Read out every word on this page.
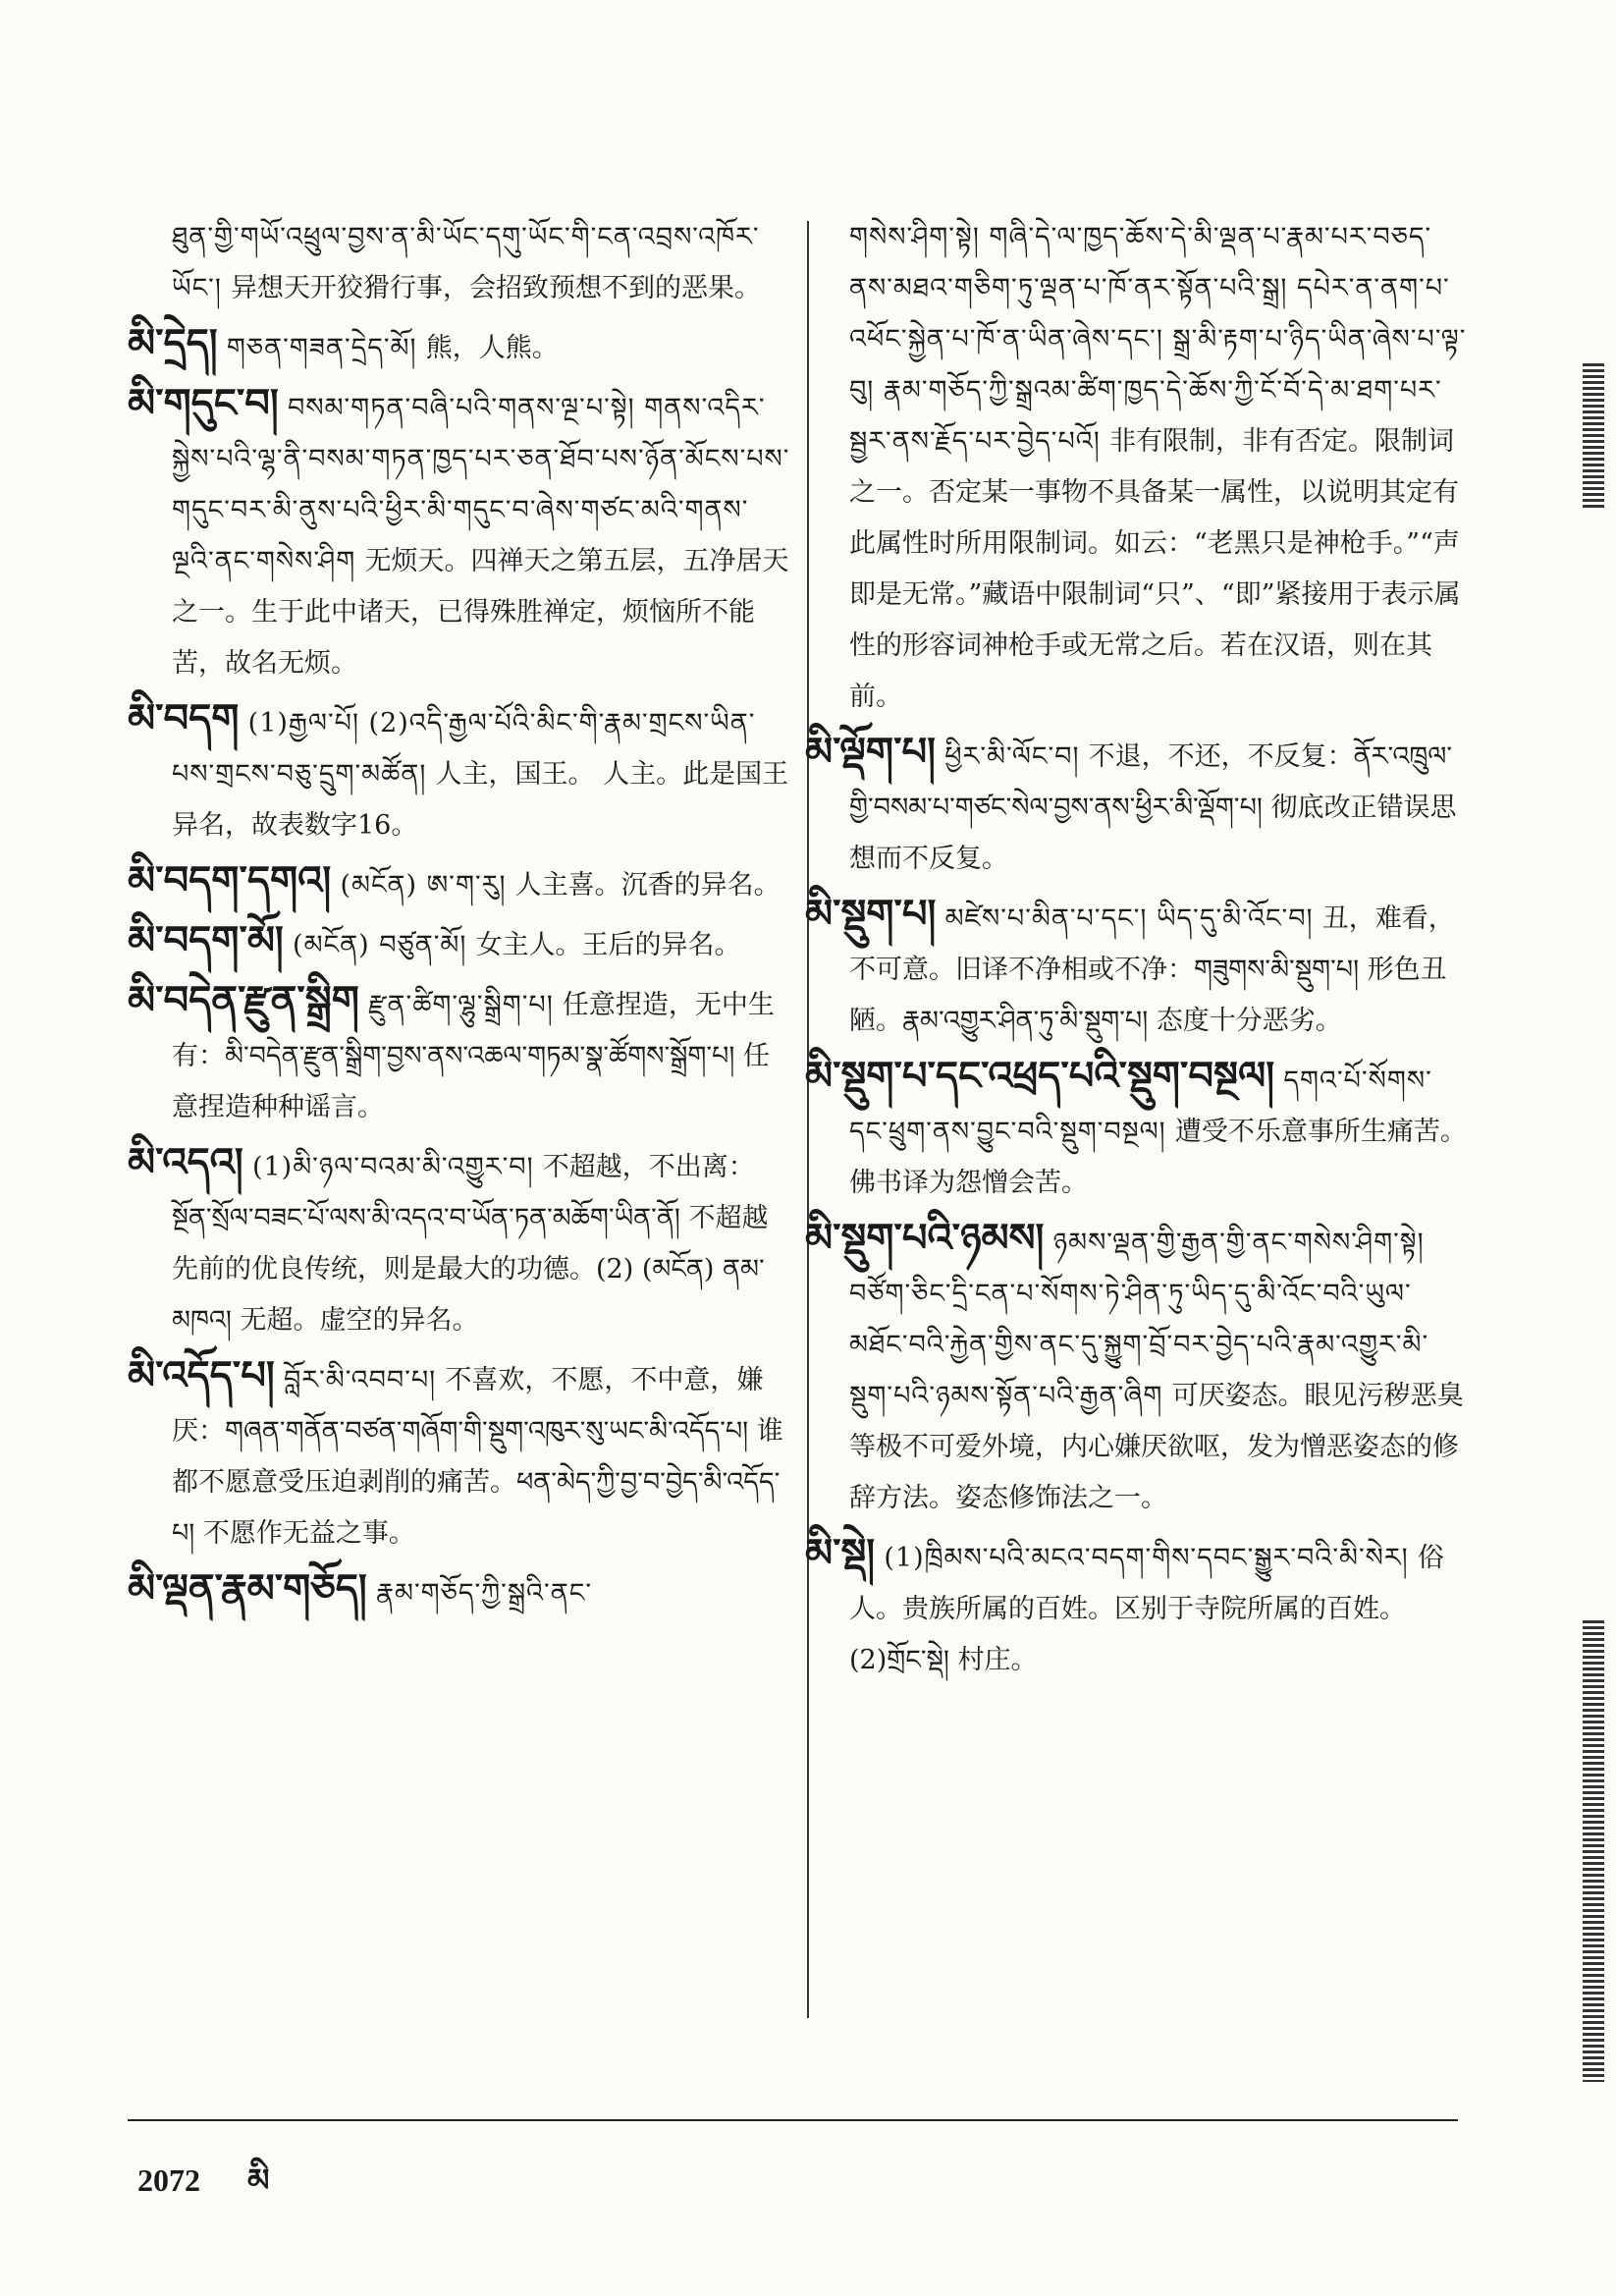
ཐུན་གྱི་གཡོ་འཕྲུལ་བྱས་ན་མི་ཡོང་དགུ་ཡོང་གི་ངན་འབྲས་འཁོར་ཡོང་། 异想天开狡猾行事，会招致预想不到的恶果。
མི་དྲེད། གཅན་གཟན་དྲེད་མོ། 熊，人熊。
མི་གདུང་བ། བསམ་གཏན་བཞི་པའི་གནས་ལྔ་པ་སྟེ། གནས་འདིར་སྐྱེས་པའི་ལྷ་ནི་བསམ་གཏན་ཁྱད་པར་ཅན་ཐོབ་པས་ཉོན་མོངས་པས་གདུང་བར་མི་ནུས་པའི་ཕྱིར་མི་གདུང་བ་ཞེས་གཙང་མའི་གནས་ལྔའི་ནང་གསེས་ཤིག 无烦天。四禅天之第五层，五净居天之一。生于此中诸天，已得殊胜禅定，烦恼所不能苦，故名无烦。
མི་བདག (1)རྒྱལ་པོ། (2)འདི་རྒྱལ་པོའི་མིང་གི་རྣམ་གྲངས་ཡིན་པས་གྲངས་བཅུ་དྲུག་མཚོན། 人主，国王。 人主。此是国王异名，故表数字16。
མི་བདག་དགའ། (མངོན) ཨ་ག་རུ། 人主喜。沉香的异名。
མི་བདག་མོ། (མངོན) བཙུན་མོ། 女主人。王后的异名。
མི་བདེན་རྫུན་སྒྲིག རྫུན་ཚིག་ལྷུ་སྒྲིག་པ། 任意捏造，无中生有：མི་བདེན་རྫུན་སྒྲིག་བྱས་ནས་འཆལ་གཏམ་སྣ་ཚོགས་སྒྲོག་པ། 任意捏造种种谣言。
མི་འདའ། (1)མི་ཉལ་བའམ་མི་འགྱུར་བ། 不超越，不出离：སྔོན་སྲོལ་བཟང་པོ་ལས་མི་འདའ་བ་ཡོན་ཏན་མཆོག་ཡིན་ནོ། 不超越先前的优良传统，则是最大的功德。(2) (མངོན) ནམ་མཁའ། 无超。虚空的异名。
མི་འདོད་པ། བློར་མི་འབབ་པ། 不喜欢，不愿，不中意，嫌厌：གཞན་གནོན་བཙན་གཞོག་གི་སྡུག་འཁུར་སུ་ཡང་མི་འདོད་པ། 谁都不愿意受压迫剥削的痛苦。ཕན་མེད་ཀྱི་བྱ་བ་བྱེད་མི་འདོད་པ། 不愿作无益之事。
མི་ལྡན་རྣམ་གཅོད། རྣམ་གཅོད་ཀྱི་སྒྲའི་ནང་
གསེས་ཤིག་སྟེ། གཞི་དེ་ལ་ཁྱད་ཆོས་དེ་མི་ལྡན་པ་རྣམ་པར་བཅད་ནས་མཐའ་གཅིག་ཏུ་ལྡན་པ་ཁོ་ནར་སྟོན་པའི་སྒྲ། དཔེར་ན་ནག་པ་འཕོང་སྐྱེན་པ་ཁོ་ན་ཡིན་ཞེས་དང་། སྒྲ་མི་རྟག་པ་ཉིད་ཡིན་ཞེས་པ་ལྟ་བུ། རྣམ་གཅོད་ཀྱི་སྒྲའམ་ཚིག་ཁྱད་དེ་ཆོས་ཀྱི་ངོ་བོ་དེ་མ་ཐག་པར་སྦྱར་ནས་རྗོད་པར་བྱེད་པའོ། 非有限制，非有否定。限制词之一。否定某一事物不具备某一属性，以说明其定有此属性时所用限制词。如云：“老黑只是神枪手。”“声即是无常。”藏语中限制词“只”、“即”紧接用于表示属性的形容词神枪手或无常之后。若在汉语，则在其前。
མི་ལྡོག་པ། ཕྱིར་མི་ལོང་བ། 不退，不还，不反复：ནོར་འཁྲུལ་གྱི་བསམ་པ་གཙང་སེལ་བྱས་ནས་ཕྱིར་མི་ལྡོག་པ། 彻底改正错误思想而不反复。
མི་སྡུག་པ། མཛེས་པ་མིན་པ་དང་། ཡིད་དུ་མི་འོང་བ། 丑，难看，不可意。旧译不净相或不净：གཟུགས་མི་སྡུག་པ། 形色丑陋。རྣམ་འགྱུར་ཤིན་ཏུ་མི་སྡུག་པ། 态度十分恶劣。
མི་སྡུག་པ་དང་འཕྲད་པའི་སྡུག་བསྔལ། དགའ་པོ་སོགས་དང་ཕྲུག་ནས་བྱུང་བའི་སྡུག་བསྔལ། 遭受不乐意事所生痛苦。佛书译为怨憎会苦。
མི་སྡུག་པའི་ཉམས། ཉམས་ལྡན་གྱི་རྒྱན་གྱི་ནང་གསེས་ཤིག་སྟེ། བཙོག་ཅིང་དྲི་ངན་པ་སོགས་ཏེ་ཤིན་ཏུ་ཡིད་དུ་མི་འོང་བའི་ཡུལ་མཐོང་བའི་རྐྱེན་གྱིས་ནང་དུ་སྐྱུག་བྲོ་བར་བྱེད་པའི་རྣམ་འགྱུར་མི་སྡུག་པའི་ཉམས་སྟོན་པའི་རྒྱན་ཞིག 可厌姿态。眼见污秽恶臭等极不可爱外境，内心嫌厌欲呕，发为憎恶姿态的修辞方法。姿态修饰法之一。
མི་སྡེ། (1)ཁྲིམས་པའི་མངའ་བདག་གིས་དབང་སྒྱུར་བའི་མི་སེར། 俗人。贵族所属的百姓。区别于寺院所属的百姓。(2)གྲོང་སྡེ། 村庄。
2072 མི
